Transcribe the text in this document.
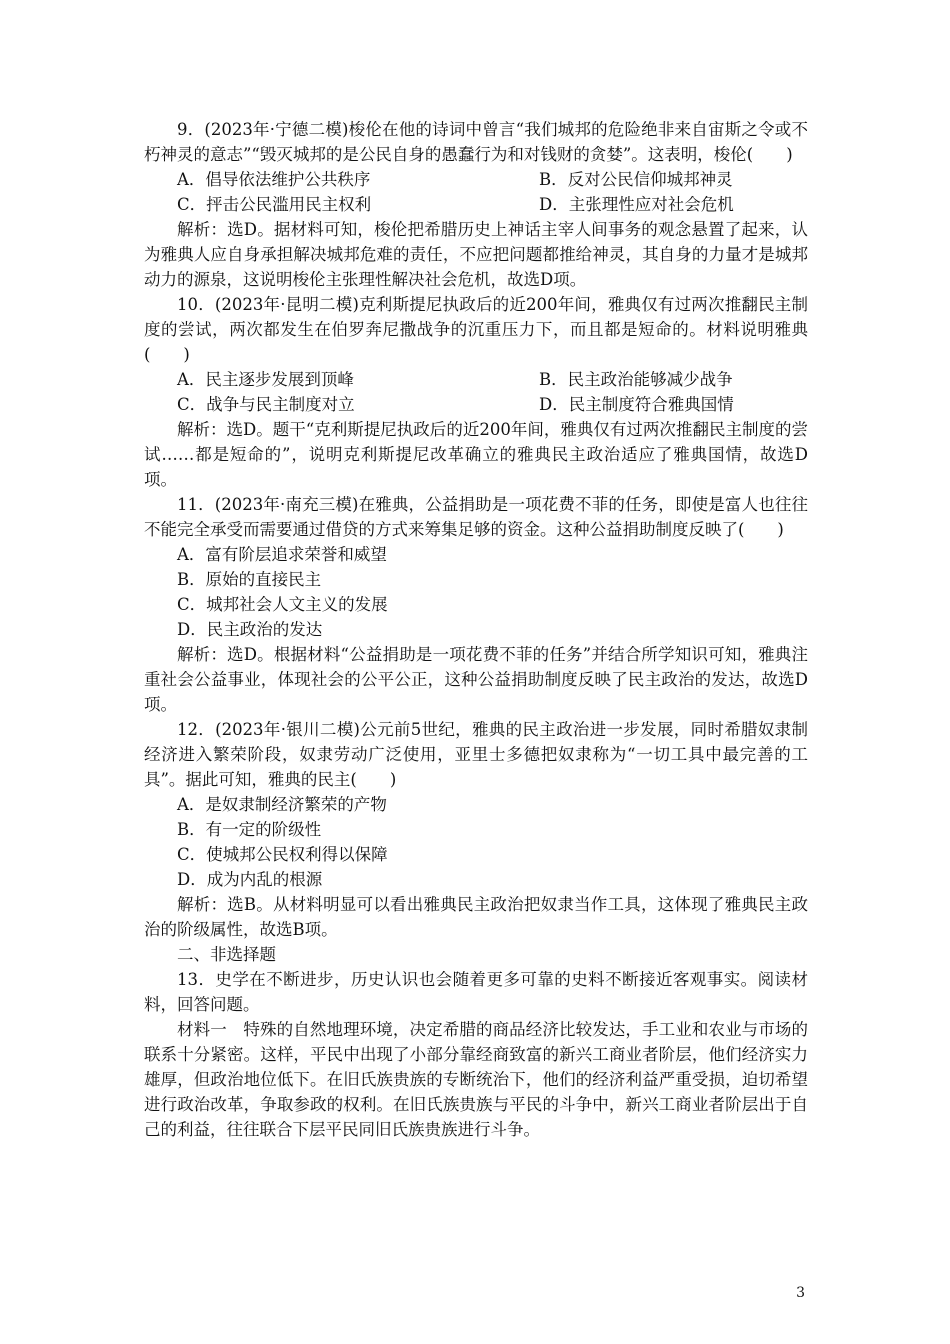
9．(2023年·宁德二模)梭伦在他的诗词中曾言“我们城邦的危险绝非来自宙斯之令或不朽神灵的意志”“毁灭城邦的是公民自身的愚蠢行为和对钱财的贪婪”。这表明，梭伦(　　)

A．倡导依法维护公共秩序	B．反对公民信仰城邦神灵
C．抨击公民滥用民主权利	D．主张理性应对社会危机

解析：选D。据材料可知，梭伦把希腊历史上神话主宰人间事务的观念悬置了起来，认为雅典人应自身承担解决城邦危难的责任，不应把问题都推给神灵，其自身的力量才是城邦动力的源泉，这说明梭伦主张理性解决社会危机，故选D项。

10．(2023年·昆明二模)克利斯提尼执政后的近200年间，雅典仅有过两次推翻民主制度的尝试，两次都发生在伯罗奔尼撒战争的沉重压力下，而且都是短命的。材料说明雅典(　　)

A．民主逐步发展到顶峰	B．民主政治能够减少战争
C．战争与民主制度对立	D．民主制度符合雅典国情

解析：选D。题干“克利斯提尼执政后的近200年间，雅典仅有过两次推翻民主制度的尝试……都是短命的”，说明克利斯提尼改革确立的雅典民主政治适应了雅典国情，故选D项。

11．(2023年·南充三模)在雅典，公益捐助是一项花费不菲的任务，即使是富人也往往不能完全承受而需要通过借贷的方式来筹集足够的资金。这种公益捐助制度反映了(　　)

A．富有阶层追求荣誉和威望

B．原始的直接民主

C．城邦社会人文主义的发展

D．民主政治的发达

解析：选D。根据材料“公益捐助是一项花费不菲的任务”并结合所学知识可知，雅典注重社会公益事业，体现社会的公平公正，这种公益捐助制度反映了民主政治的发达，故选D项。

12．(2023年·银川二模)公元前5世纪，雅典的民主政治进一步发展，同时希腊奴隶制经济进入繁荣阶段，奴隶劳动广泛使用，亚里士多德把奴隶称为“一切工具中最完善的工具”。据此可知，雅典的民主(　　)

A．是奴隶制经济繁荣的产物

B．有一定的阶级性

C．使城邦公民权利得以保障

D．成为内乱的根源

解析：选B。从材料明显可以看出雅典民主政治把奴隶当作工具，这体现了雅典民主政治的阶级属性，故选B项。

二、非选择题

13．史学在不断进步，历史认识也会随着更多可靠的史料不断接近客观事实。阅读材料，回答问题。

材料一　特殊的自然地理环境，决定希腊的商品经济比较发达，手工业和农业与市场的联系十分紧密。这样，平民中出现了小部分靠经商致富的新兴工商业者阶层，他们经济实力雄厚，但政治地位低下。在旧氏族贵族的专断统治下，他们的经济利益严重受损，迫切希望进行政治改革，争取参政的权利。在旧氏族贵族与平民的斗争中，新兴工商业者阶层出于自己的利益，往往联合下层平民同旧氏族贵族进行斗争。

3
